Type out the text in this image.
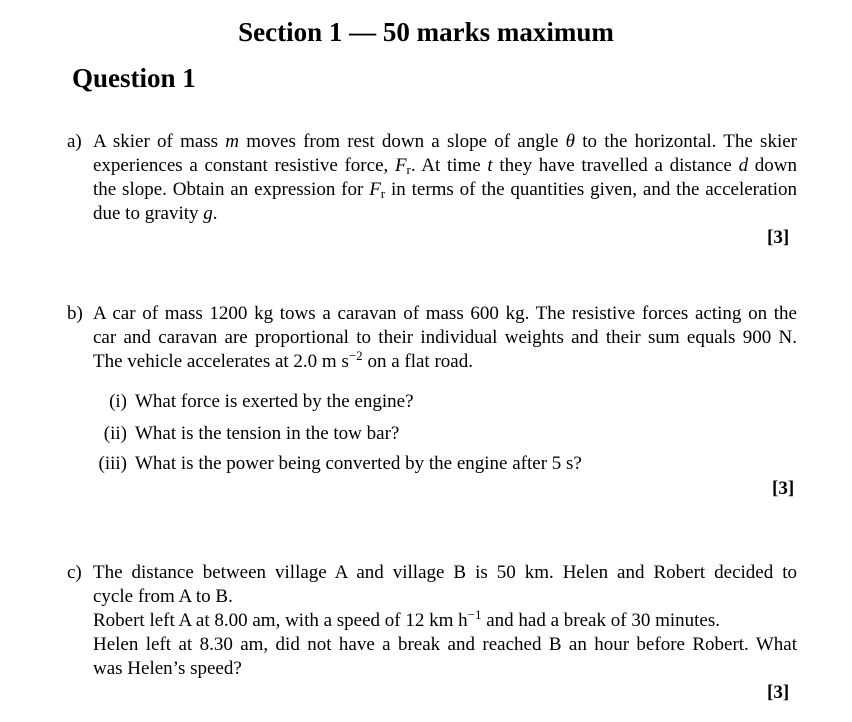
Section 1 — 50 marks maximum
Question 1
a) A skier of mass m moves from rest down a slope of angle θ to the horizontal. The skier
experiences a constant resistive force, $F_r$. At time t they have travelled a distance d down
the slope. Obtain an expression for $F_r$ in terms of the quantities given, and the acceleration
due to gravity g.
[3]
b) A car of mass 1200 kg tows a caravan of mass 600 kg. The resistive forces acting on the
car and caravan are proportional to their individual weights and their sum equals 900 N.
The vehicle accelerates at 2.0 m $s^{-2}$ on a flat road.
(i) What force is exerted by the engine?
(ii) What is the tension in the tow bar?
(iii) What is the power being converted by the engine after 5 s?
[3]
c) The distance between village A and village B is 50 km. Helen and Robert decided to
cycle from A to B.
Robert left A at 8.00 am, with a speed of 12 km $h^{-1}$ and had a break of 30 minutes.
Helen left at 8.30 am, did not have a break and reached B an hour before Robert. What
was Helen’s speed?
[3]
